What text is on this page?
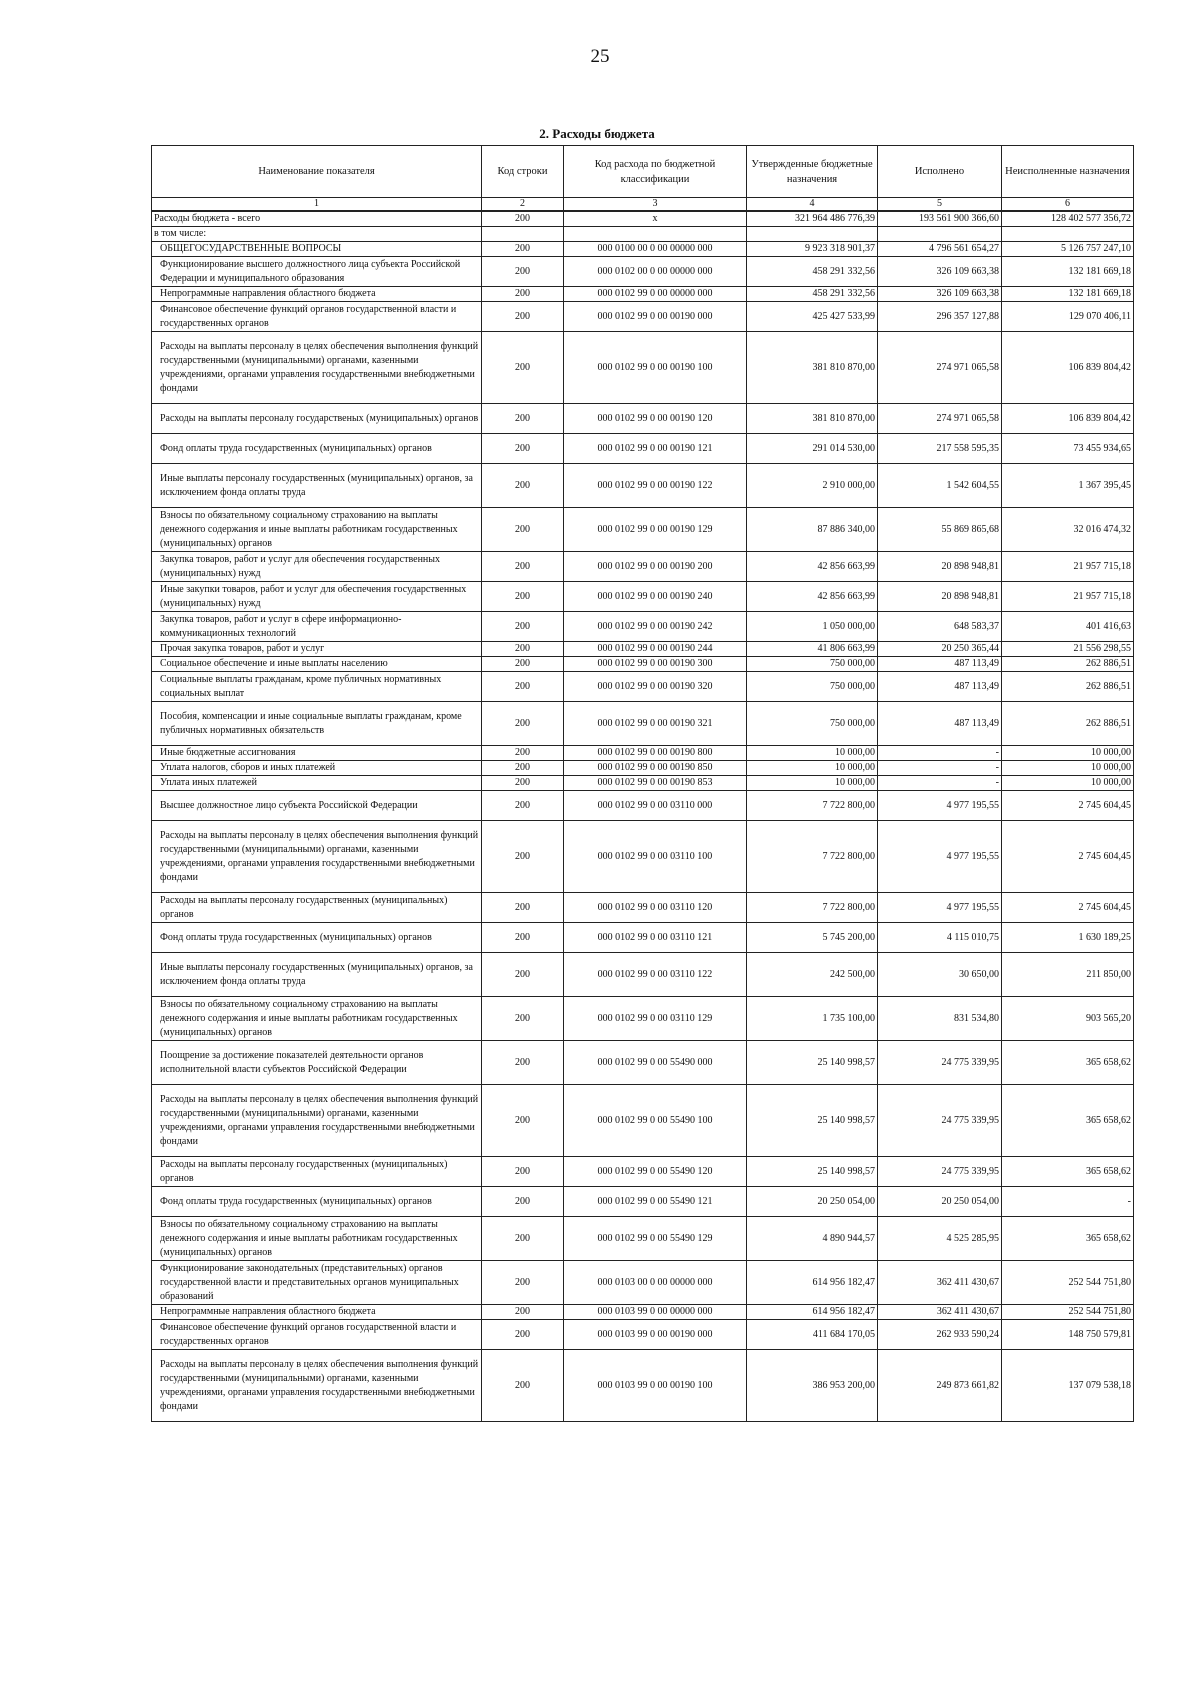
25
2. Расходы бюджета
Наименование показателя	Код строки	Код расхода по бюджетной классификации	Утвержденные бюджетные назначения	Исполнено	Неисполненные назначения
1	2	3	4	5	6
Расходы бюджета - всего	200	x	321 964 486 776,39	193 561 900 366,60	128 402 577 356,72
в том числе:					
ОБЩЕГОСУДАРСТВЕННЫЕ ВОПРОСЫ	200	000 0100 00 0 00 00000 000	9 923 318 901,37	4 796 561 654,27	5 126 757 247,10
Функционирование высшего должностного лица субъекта Российской Федерации и муниципального образования	200	000 0102 00 0 00 00000 000	458 291 332,56	326 109 663,38	132 181 669,18
Непрограммные направления областного бюджета	200	000 0102 99 0 00 00000 000	458 291 332,56	326 109 663,38	132 181 669,18
Финансовое обеспечение функций органов государственной власти и государственных органов	200	000 0102 99 0 00 00190 000	425 427 533,99	296 357 127,88	129 070 406,11
Расходы на выплаты персоналу в целях обеспечения выполнения функций государственными (муниципальными) органами, казенными учреждениями, органами управления государственными внебюджетными фондами	200	000 0102 99 0 00 00190 100	381 810 870,00	274 971 065,58	106 839 804,42
Расходы на выплаты персоналу государственых (муниципальных) органов	200	000 0102 99 0 00 00190 120	381 810 870,00	274 971 065,58	106 839 804,42
Фонд оплаты труда государственных (муниципальных) органов	200	000 0102 99 0 00 00190 121	291 014 530,00	217 558 595,35	73 455 934,65
Иные выплаты персоналу государственных (муниципальных) органов, за исключением фонда оплаты труда	200	000 0102 99 0 00 00190 122	2 910 000,00	1 542 604,55	1 367 395,45
Взносы по обязательному социальному страхованию на выплаты денежного содержания и иные выплаты работникам государственных (муниципальных) органов	200	000 0102 99 0 00 00190 129	87 886 340,00	55 869 865,68	32 016 474,32
Закупка товаров, работ и услуг для обеспечения государственных (муниципальных) нужд	200	000 0102 99 0 00 00190 200	42 856 663,99	20 898 948,81	21 957 715,18
Иные закупки товаров, работ и услуг для обеспечения государственных (муниципальных) нужд	200	000 0102 99 0 00 00190 240	42 856 663,99	20 898 948,81	21 957 715,18
Закупка товаров, работ и услуг в сфере информационно-коммуникационных технологий	200	000 0102 99 0 00 00190 242	1 050 000,00	648 583,37	401 416,63
Прочая закупка товаров, работ и услуг	200	000 0102 99 0 00 00190 244	41 806 663,99	20 250 365,44	21 556 298,55
Социальное обеспечение и иные выплаты населению	200	000 0102 99 0 00 00190 300	750 000,00	487 113,49	262 886,51
Социальные выплаты гражданам, кроме публичных нормативных социальных выплат	200	000 0102 99 0 00 00190 320	750 000,00	487 113,49	262 886,51
Пособия, компенсации и иные социальные выплаты гражданам, кроме публичных нормативных обязательств	200	000 0102 99 0 00 00190 321	750 000,00	487 113,49	262 886,51
Иные бюджетные ассигнования	200	000 0102 99 0 00 00190 800	10 000,00	-	10 000,00
Уплата налогов, сборов и иных платежей	200	000 0102 99 0 00 00190 850	10 000,00	-	10 000,00
Уплата иных платежей	200	000 0102 99 0 00 00190 853	10 000,00	-	10 000,00
Высшее должностное лицо субъекта Российской Федерации	200	000 0102 99 0 00 03110 000	7 722 800,00	4 977 195,55	2 745 604,45
Расходы на выплаты персоналу в целях обеспечения выполнения функций государственными (муниципальными) органами, казенными учреждениями, органами управления государственными внебюджетными фондами	200	000 0102 99 0 00 03110 100	7 722 800,00	4 977 195,55	2 745 604,45
Расходы на выплаты персоналу государственных (муниципальных) органов	200	000 0102 99 0 00 03110 120	7 722 800,00	4 977 195,55	2 745 604,45
Фонд оплаты труда государственных (муниципальных) органов	200	000 0102 99 0 00 03110 121	5 745 200,00	4 115 010,75	1 630 189,25
Иные выплаты персоналу государственных (муниципальных) органов, за исключением фонда оплаты труда	200	000 0102 99 0 00 03110 122	242 500,00	30 650,00	211 850,00
Взносы по обязательному социальному страхованию на выплаты денежного содержания и иные выплаты работникам государственных (муниципальных) органов	200	000 0102 99 0 00 03110 129	1 735 100,00	831 534,80	903 565,20
Поощрение за достижение показателей деятельности органов исполнительной власти субъектов Российской Федерации	200	000 0102 99 0 00 55490 000	25 140 998,57	24 775 339,95	365 658,62
Расходы на выплаты персоналу в целях обеспечения выполнения функций государственными (муниципальными) органами, казенными учреждениями, органами управления государственными внебюджетными фондами	200	000 0102 99 0 00 55490 100	25 140 998,57	24 775 339,95	365 658,62
Расходы на выплаты персоналу государственных (муниципальных) органов	200	000 0102 99 0 00 55490 120	25 140 998,57	24 775 339,95	365 658,62
Фонд оплаты труда государственных (муниципальных) органов	200	000 0102 99 0 00 55490 121	20 250 054,00	20 250 054,00	-
Взносы по обязательному социальному страхованию на выплаты денежного содержания и иные выплаты работникам государственных (муниципальных) органов	200	000 0102 99 0 00 55490 129	4 890 944,57	4 525 285,95	365 658,62
Функционирование законодательных (представительных) органов государственной власти и представительных органов муниципальных образований	200	000 0103 00 0 00 00000 000	614 956 182,47	362 411 430,67	252 544 751,80
Непрограммные направления областного бюджета	200	000 0103 99 0 00 00000 000	614 956 182,47	362 411 430,67	252 544 751,80
Финансовое обеспечение функций органов государственной власти и государственных органов	200	000 0103 99 0 00 00190 000	411 684 170,05	262 933 590,24	148 750 579,81
Расходы на выплаты персоналу в целях обеспечения выполнения функций государственными (муниципальными) органами, казенными учреждениями, органами управления государственными внебюджетными фондами	200	000 0103 99 0 00 00190 100	386 953 200,00	249 873 661,82	137 079 538,18
